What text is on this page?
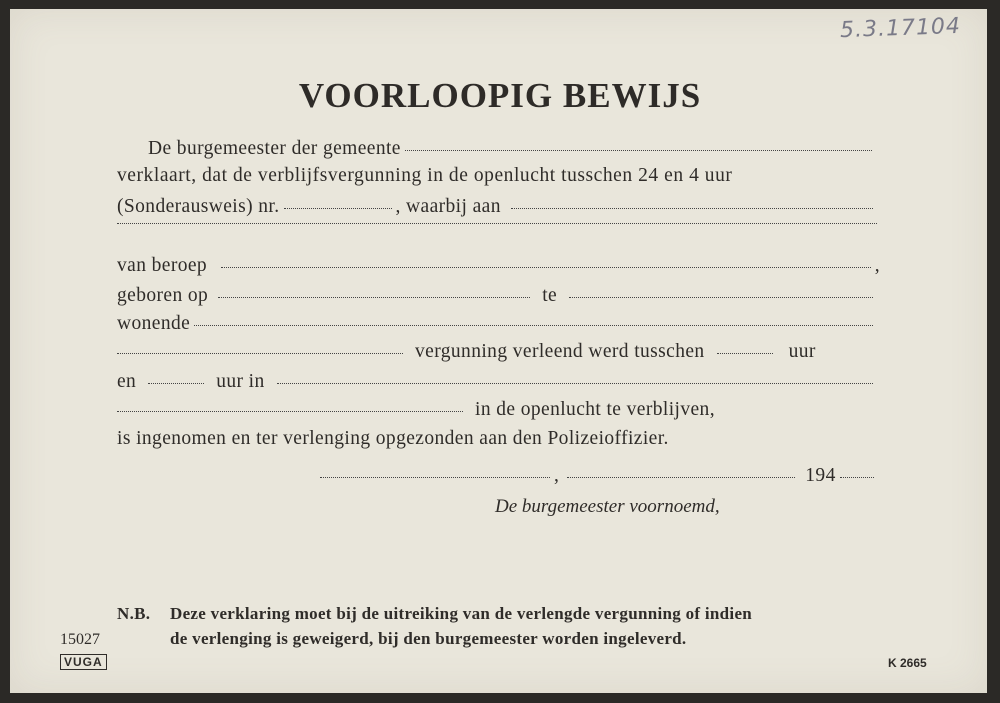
5.3.17104
VOORLOOPIG BEWIJS
De burgemeester der gemeente
verklaart, dat de verblijfsvergunning in de openlucht tusschen 24 en 4 uur
(Sonderausweis) nr.	, waarbij aan
van beroep	,
geboren op	te
wonende
vergunning verleend werd tusschen	uur
en	uur in
in de openlucht te verblijven,
is ingenomen en ter verlenging opgezonden aan den Polizeioffizier.
,	194
De burgemeester voornoemd,
N.B. Deze verklaring moet bij de uitreiking van de verlengde vergunning of indien
de verlenging is geweigerd, bij den burgemeester worden ingeleverd.
15027
VUGA	K 2665
